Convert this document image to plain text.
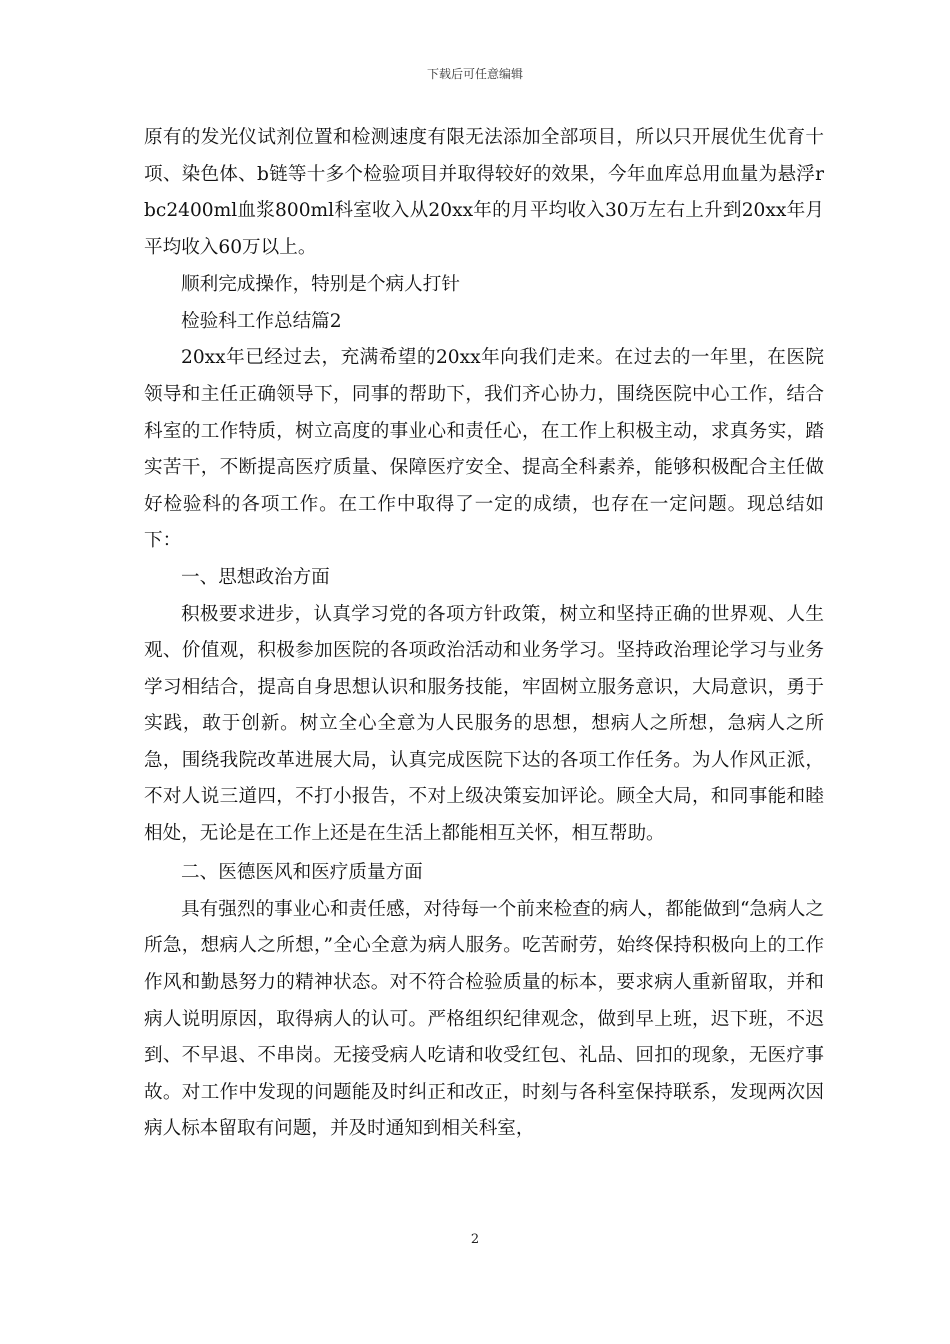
下载后可任意编辑

原有的发光仪试剂位置和检测速度有限无法添加全部项目，所以只开展优生优育十项、染色体、b链等十多个检验项目并取得较好的效果，今年血库总用血量为悬浮rbc2400ml血浆800ml科室收入从20xx年的月平均收入30万左右上升到20xx年月平均收入60万以上。

顺利完成操作，特别是个病人打针

检验科工作总结篇2

20xx年已经过去，充满希望的20xx年向我们走来。在过去的一年里，在医院领导和主任正确领导下，同事的帮助下，我们齐心协力，围绕医院中心工作，结合科室的工作特质，树立高度的事业心和责任心，在工作上积极主动，求真务实，踏实苦干，不断提高医疗质量、保障医疗安全、提高全科素养，能够积极配合主任做好检验科的各项工作。在工作中取得了一定的成绩，也存在一定问题。现总结如下：

一、思想政治方面

积极要求进步，认真学习党的各项方针政策，树立和坚持正确的世界观、人生观、价值观，积极参加医院的各项政治活动和业务学习。坚持政治理论学习与业务学习相结合，提高自身思想认识和服务技能，牢固树立服务意识，大局意识，勇于实践，敢于创新。树立全心全意为人民服务的思想，想病人之所想，急病人之所急，围绕我院改革进展大局，认真完成医院下达的各项工作任务。为人作风正派，不对人说三道四，不打小报告，不对上级决策妄加评论。顾全大局，和同事能和睦相处，无论是在工作上还是在生活上都能相互关怀，相互帮助。

二、医德医风和医疗质量方面

具有强烈的事业心和责任感，对待每一个前来检查的病人，都能做到“急病人之所急，想病人之所想，”全心全意为病人服务。吃苦耐劳，始终保持积极向上的工作作风和勤恳努力的精神状态。对不符合检验质量的标本，要求病人重新留取，并和病人说明原因，取得病人的认可。严格组织纪律观念，做到早上班，迟下班，不迟到、不早退、不串岗。无接受病人吃请和收受红包、礼品、回扣的现象，无医疗事故。对工作中发现的问题能及时纠正和改正，时刻与各科室保持联系，发现两次因病人标本留取有问题，并及时通知到相关科室，

2
